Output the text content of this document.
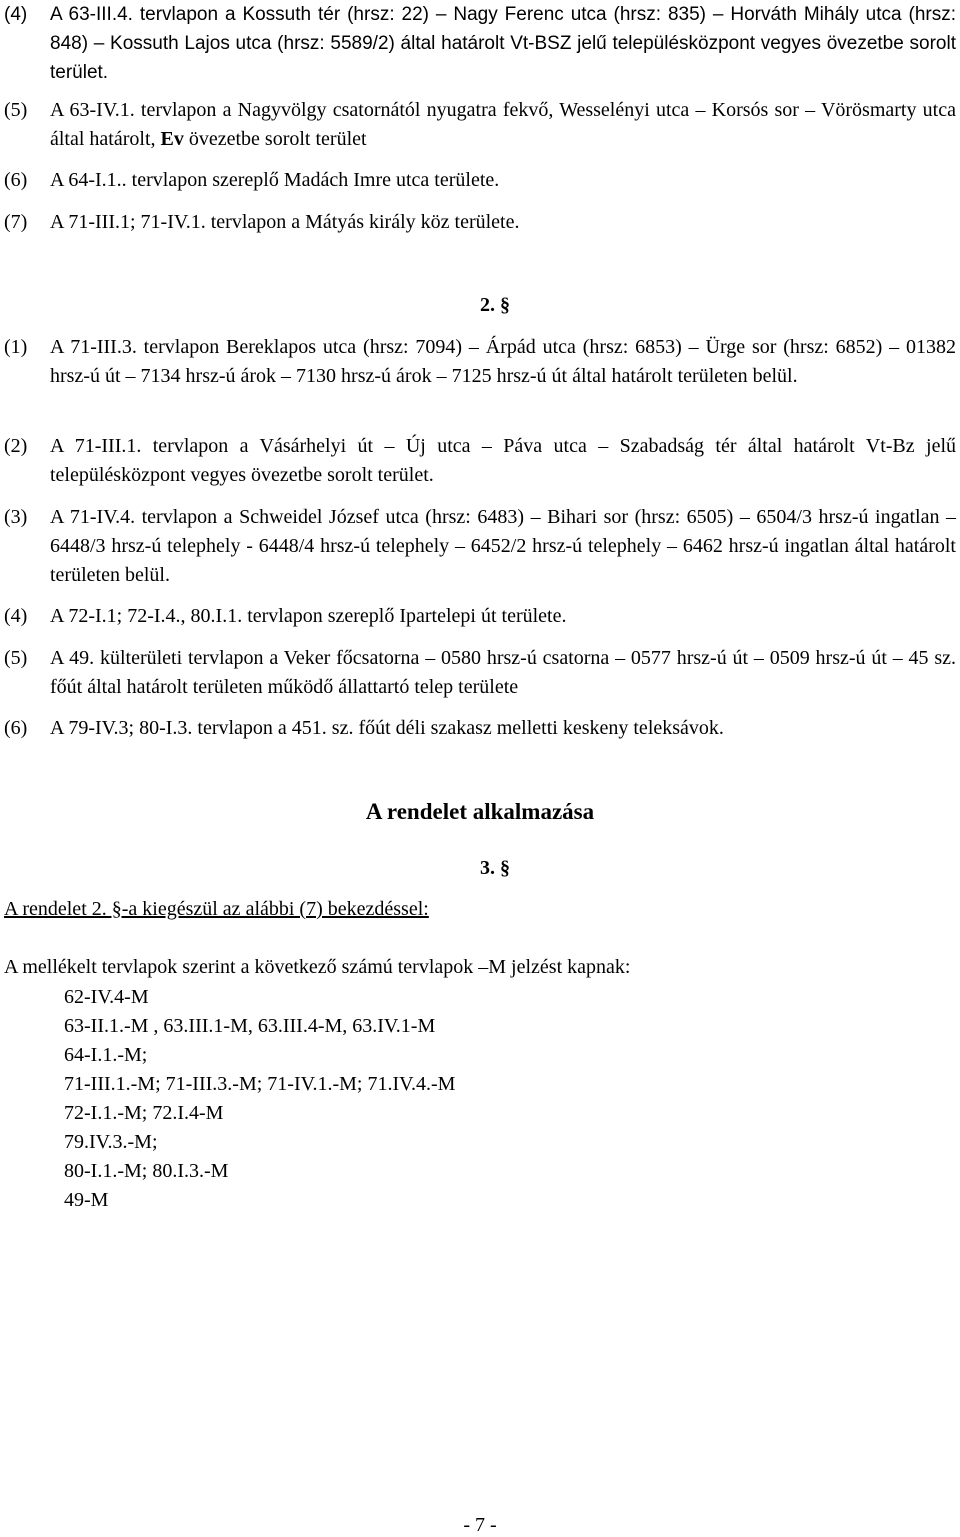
(4) A 63-III.4. tervlapon a Kossuth tér (hrsz: 22) – Nagy Ferenc utca (hrsz: 835) – Horváth Mihály utca (hrsz: 848) – Kossuth Lajos utca (hrsz: 5589/2) által határolt Vt-BSZ jelű településközpont vegyes övezetbe sorolt terület.
(5) A 63-IV.1. tervlapon a Nagyvölgy csatornától nyugatra fekvő, Wesselényi utca – Korsós sor – Vörösmarty utca által határolt, Ev övezetbe sorolt terület
(6) A 64-I.1.. tervlapon szereplő Madách Imre utca területe.
(7) A 71-III.1; 71-IV.1. tervlapon a Mátyás király köz területe.
2. §
(1) A 71-III.3. tervlapon Bereklapos utca (hrsz: 7094) – Árpád utca (hrsz: 6853) – Ürge sor (hrsz: 6852) – 01382 hrsz-ú út – 7134 hrsz-ú árok – 7130 hrsz-ú árok – 7125 hrsz-ú út által határolt területen belül.
(2) A 71-III.1. tervlapon a Vásárhelyi út – Új utca – Páva utca – Szabadság tér által határolt Vt-Bz jelű településközpont vegyes övezetbe sorolt terület.
(3) A 71-IV.4. tervlapon a Schweidel József utca (hrsz: 6483) – Bihari sor (hrsz: 6505) – 6504/3 hrsz-ú ingatlan – 6448/3 hrsz-ú telephely - 6448/4 hrsz-ú telephely – 6452/2 hrsz-ú telephely – 6462 hrsz-ú ingatlan által határolt területen belül.
(4) A 72-I.1; 72-I.4., 80.I.1. tervlapon szereplő Ipartelepi út területe.
(5) A 49. külterületi tervlapon a Veker főcsatorna – 0580 hrsz-ú csatorna – 0577 hrsz-ú út – 0509 hrsz-ú út – 45 sz. főút által határolt területen működő állattartó telep területe
(6) A 79-IV.3; 80-I.3. tervlapon a 451. sz. főút déli szakasz melletti keskeny teleksávok.
A rendelet alkalmazása
3. §
A rendelet 2. §-a kiegészül az alábbi (7) bekezdéssel:
A mellékelt tervlapok szerint a következő számú tervlapok –M jelzést kapnak:
62-IV.4-M
63-II.1.-M , 63.III.1-M, 63.III.4-M, 63.IV.1-M
64-I.1.-M;
71-III.1.-M; 71-III.3.-M; 71-IV.1.-M; 71.IV.4.-M
72-I.1.-M; 72.I.4-M
79.IV.3.-M;
80-I.1.-M; 80.I.3.-M
49-M
- 7 -
